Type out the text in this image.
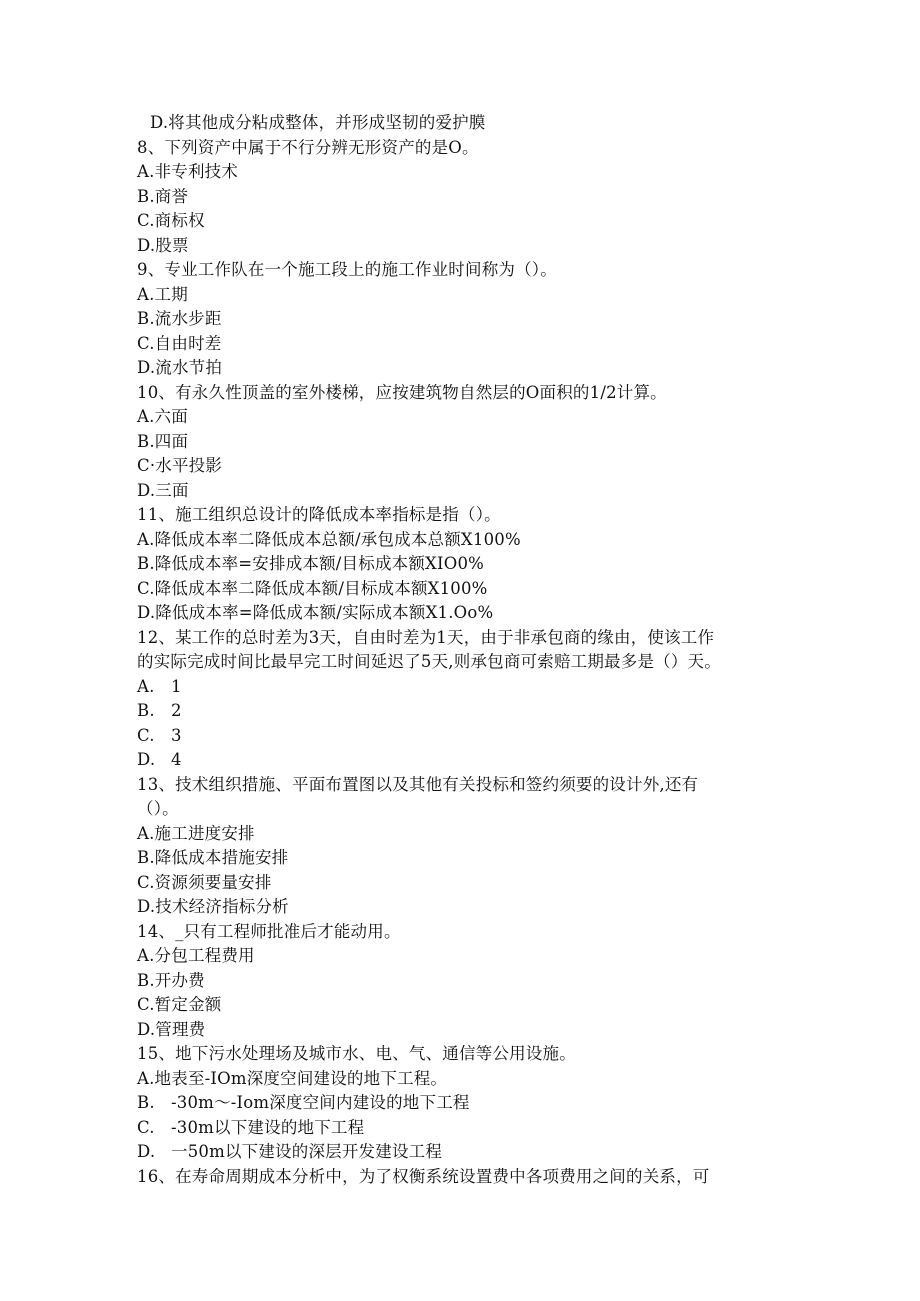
D.将其他成分粘成整体，并形成坚韧的爱护膜
8、下列资产中属于不行分辨无形资产的是O。
A.非专利技术
B.商誉
C.商标权
D.股票
9、专业工作队在一个施工段上的施工作业时间称为（）。
A.工期
B.流水步距
C.自由时差
D.流水节拍
10、有永久性顶盖的室外楼梯，应按建筑物自然层的O面积的1/2计算。
A.六面
B.四面
C·水平投影
D.三面
11、施工组织总设计的降低成本率指标是指（）。
A.降低成本率二降低成本总额/承包成本总额X100%
B.降低成本率=安排成本额/目标成本额XIO0%
C.降低成本率二降低成本额/目标成本额X100%
D.降低成本率=降低成本额/实际成本额X1.Oo%
12、某工作的总时差为3天，自由时差为1天，由于非承包商的缘由，使该工作
的实际完成时间比最早完工时间延迟了5天,则承包商可索赔工期最多是（）天。
A. 1
B. 2
C. 3
D. 4
13、技术组织措施、平面布置图以及其他有关投标和签约须要的设计外,还有
（）。
A.施工进度安排
B.降低成本措施安排
C.资源须要量安排
D.技术经济指标分析
14、_只有工程师批准后才能动用。
A.分包工程费用
B.开办费
C.暂定金额
D.管理费
15、地下污水处理场及城市水、电、气、通信等公用设施。
A.地表至-IOm深度空间建设的地下工程。
B. -30m～-Iom深度空间内建设的地下工程
C. -30m以下建设的地下工程
D. 一50m以下建设的深层开发建设工程
16、在寿命周期成本分析中，为了权衡系统设置费中各项费用之间的关系，可
